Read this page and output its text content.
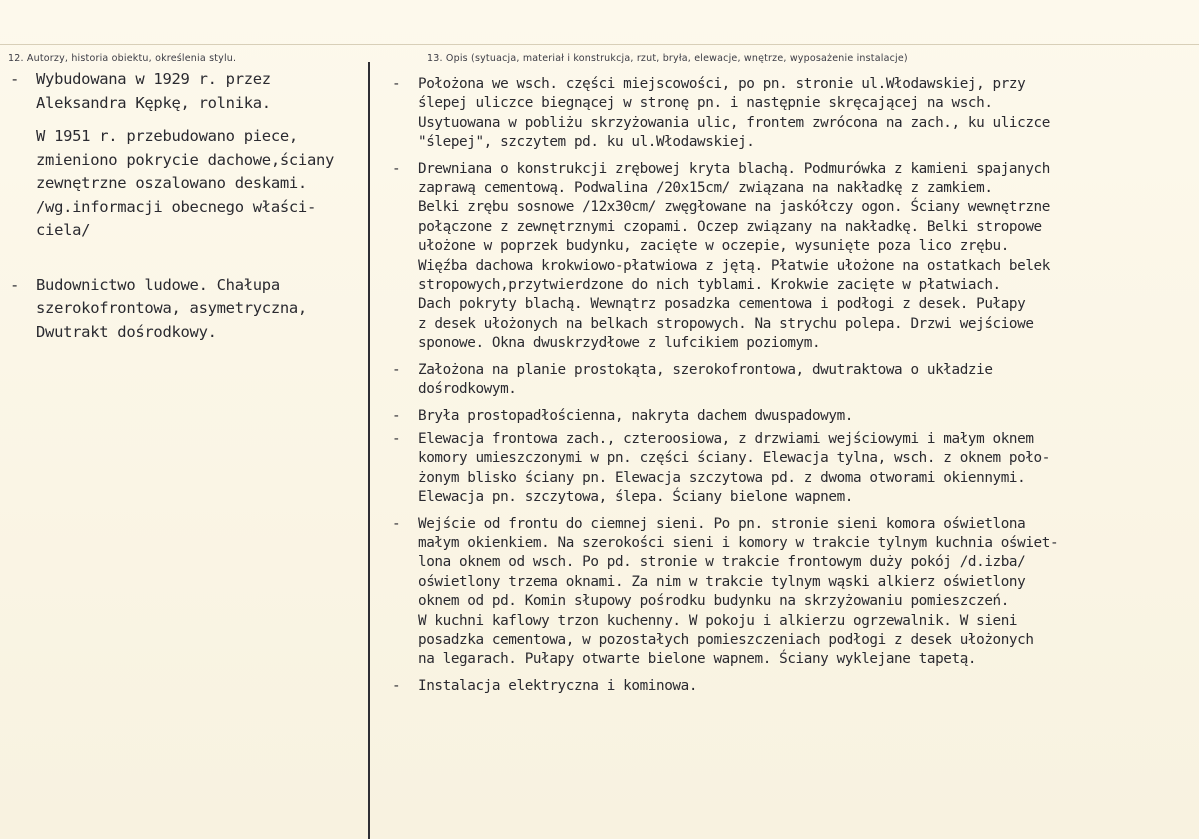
12. Autorzy, historia obiektu, określenia stylu.	13. Opis (sytuacja, materiał i konstrukcja, rzut, bryła, elewacje, wnętrze, wyposażenie instalacje)
- Wybudowana w 1929 r. przez
Aleksandra Kępkę, rolnika.
W 1951 r. przebudowano piece,
zmieniono pokrycie dachowe,ściany
zewnętrzne oszalowano deskami.
/wg.informacji obecnego właści-
ciela/
- Budownictwo ludowe. Chałupa
szerokofrontowa, asymetryczna,
Dwutrakt dośrodkowy.
- Położona we wsch. części miejscowości, po pn. stronie ul.Włodawskiej, przy
ślepej uliczce biegnącej w stronę pn. i następnie skręcającej na wsch.
Usytuowana w pobliżu skrzyżowania ulic, frontem zwrócona na zach., ku uliczce
"ślepej", szczytem pd. ku ul.Włodawskiej.
- Drewniana o konstrukcji zrębowej kryta blachą. Podmurówka z kamieni spajanych
zaprawą cementową. Podwalina /20x15cm/ związana na nakładkę z zamkiem.
Belki zrębu sosnowe /12x30cm/ zwęgłowane na jaskółczy ogon. Ściany wewnętrzne
połączone z zewnętrznymi czopami. Oczep związany na nakładkę. Belki stropowe
ułożone w poprzek budynku, zacięte w oczepie, wysunięte poza lico zrębu.
Więźba dachowa krokwiowo-płatwiowa z jętą. Płatwie ułożone na ostatkach belek
stropowych,przytwierdzone do nich tyblami. Krokwie zacięte w płatwiach.
Dach pokryty blachą. Wewnątrz posadzka cementowa i podłogi z desek. Pułapy
z desek ułożonych na belkach stropowych. Na strychu polepa. Drzwi wejściowe
sponowe. Okna dwuskrzydłowe z lufcikiem poziomym.
- Założona na planie prostokąta, szerokofrontowa, dwutraktowa o układzie
dośrodkowym.
- Bryła prostopadłościenna, nakryta dachem dwuspadowym.
- Elewacja frontowa zach., czteroosiowa, z drzwiami wejściowymi i małym oknem
komory umieszczonymi w pn. części ściany. Elewacja tylna, wsch. z oknem poło-
żonym blisko ściany pn. Elewacja szczytowa pd. z dwoma otworami okiennymi.
Elewacja pn. szczytowa, ślepa. Ściany bielone wapnem.
- Wejście od frontu do ciemnej sieni. Po pn. stronie sieni komora oświetlona
małym okienkiem. Na szerokości sieni i komory w trakcie tylnym kuchnia oświet-
lona oknem od wsch. Po pd. stronie w trakcie frontowym duży pokój /d.izba/
oświetlony trzema oknami. Za nim w trakcie tylnym wąski alkierz oświetlony
oknem od pd. Komin słupowy pośrodku budynku na skrzyżowaniu pomieszczeń.
W kuchni kaflowy trzon kuchenny. W pokoju i alkierzu ogrzewalnik. W sieni
posadzka cementowa, w pozostałych pomieszczeniach podłogi z desek ułożonych
na legarach. Pułapy otwarte bielone wapnem. Ściany wyklejane tapetą.
- Instalacja elektryczna i kominowa.
